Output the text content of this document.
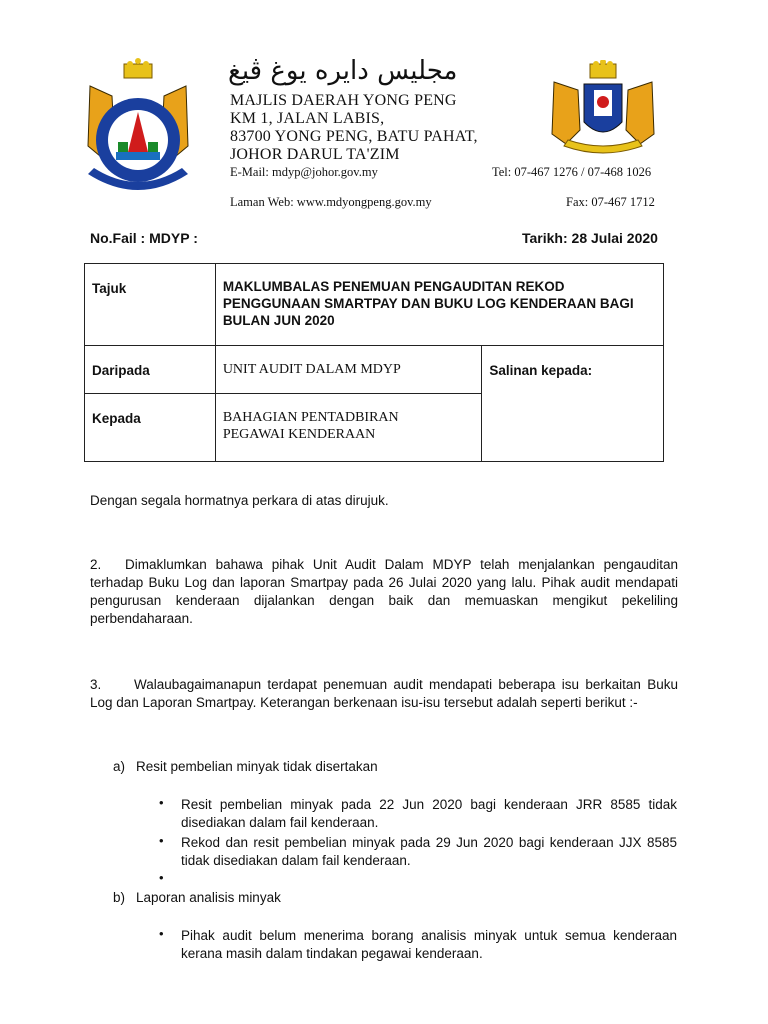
مجليس دايره يوغ ڤيغ
MAJLIS DAERAH YONG PENG
KM 1, JALAN LABIS,
83700 YONG PENG, BATU PAHAT,
JOHOR DARUL TA'ZIM
E-Mail: mdyp@johor.gov.my
Laman Web: www.mdyongpeng.gov.my
Tel: 07-467 1276 / 07-468 1026
Fax: 07-467 1712
No.Fail : MDYP :	Tarikh: 28 Julai 2020
Tajuk	MAKLUMBALAS PENEMUAN PENGAUDITAN REKOD PENGGUNAAN SMARTPAY DAN BUKU LOG KENDERAAN BAGI BULAN JUN 2020	

Daripada	UNIT AUDIT DALAM MDYP	Salinan kepada:

Kepada	BAHAGIAN PENTADBIRAN
PEGAWAI KENDERAAN	
Dengan segala hormatnya perkara di atas dirujuk.
2.	Dimaklumkan bahawa pihak Unit Audit Dalam MDYP telah menjalankan pengauditan terhadap Buku Log dan laporan Smartpay pada 26 Julai 2020 yang lalu. Pihak audit mendapati pengurusan kenderaan dijalankan dengan baik dan memuaskan mengikut pekeliling perbendaharaan.
3.	Walaubagaimanapun terdapat penemuan audit mendapati beberapa isu berkaitan Buku Log dan Laporan Smartpay. Keterangan berkenaan isu-isu tersebut adalah seperti berikut :-
a) Resit pembelian minyak tidak disertakan
• Resit pembelian minyak pada 22 Jun 2020 bagi kenderaan JRR 8585 tidak disediakan dalam fail kenderaan.
• Rekod dan resit pembelian minyak pada 29 Jun 2020 bagi kenderaan JJX 8585 tidak disediakan dalam fail kenderaan.
•
b) Laporan analisis minyak
• Pihak audit belum menerima borang analisis minyak untuk semua kenderaan kerana masih dalam tindakan pegawai kenderaan.
